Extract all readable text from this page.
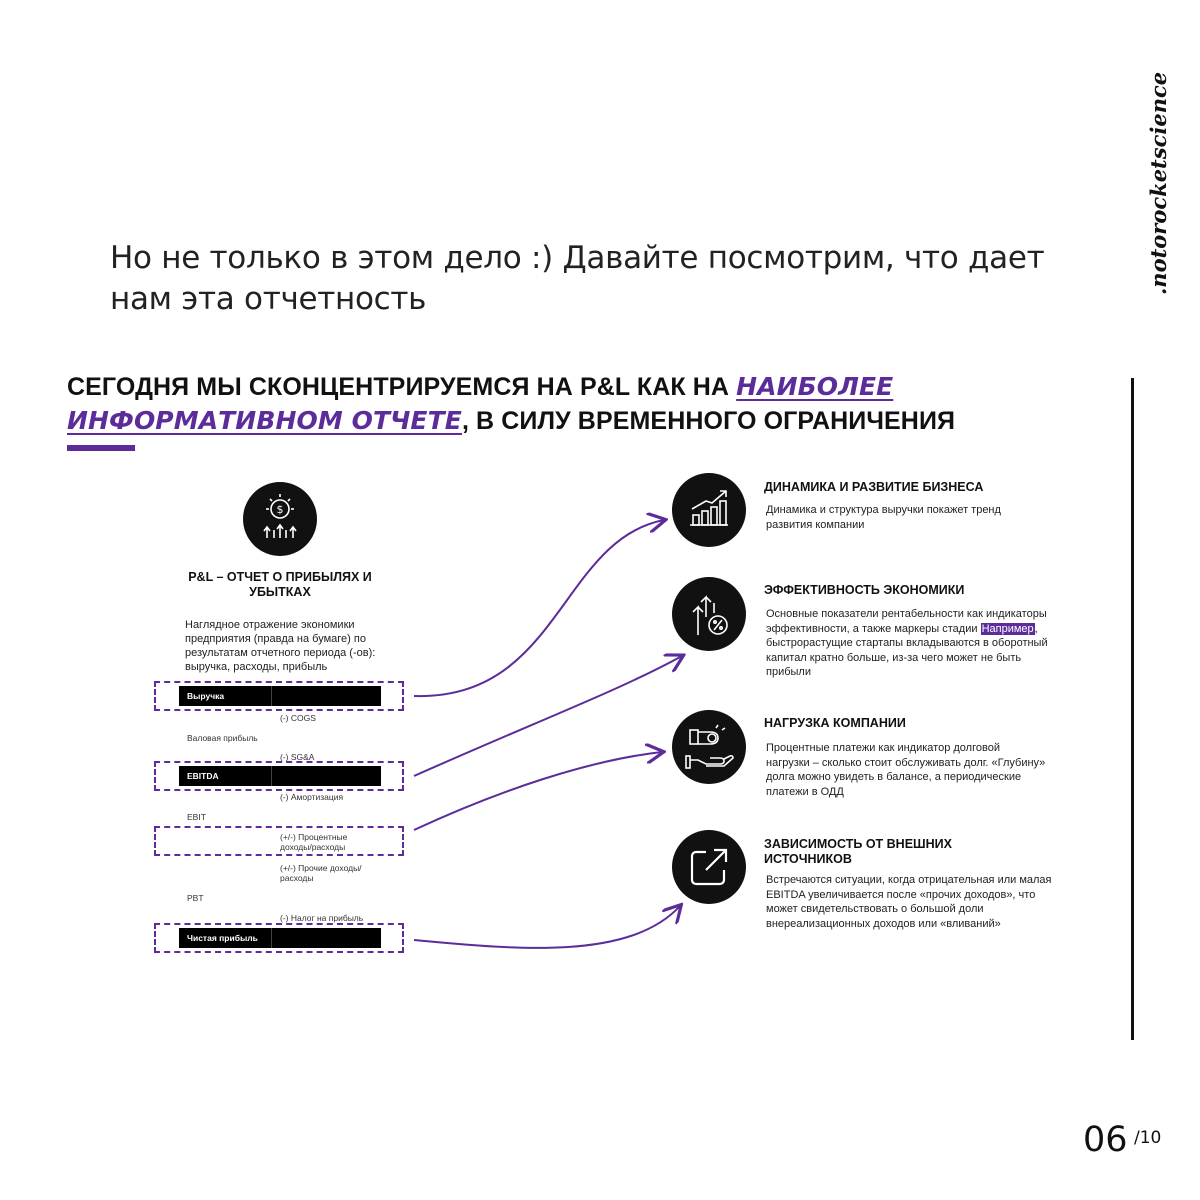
Но не только в этом дело :) Давайте посмотрим, что дает нам эта отчетность
.notorocketscience
СЕГОДНЯ МЫ СКОНЦЕНТРИРУЕМСЯ НА P&L КАК НА НАИБОЛЕЕ ИНФОРМАТИВНОМ ОТЧЕТЕ, В СИЛУ ВРЕМЕННОГО ОГРАНИЧЕНИЯ
$
P&L – ОТЧЕТ О ПРИБЫЛЯХ И УБЫТКАХ
Наглядное отражение экономики предприятия (правда на бумаге) по результатам отчетного периода (-ов): выручка, расходы, прибыль
Выручка
(-) COGS
Валовая прибыль
(-) SG&A
EBITDA
(-) Амортизация
EBIT
(+/-) Процентные доходы/расходы
(+/-) Прочие доходы/расходы
PBT
(-) Налог на прибыль
Чистая прибыль
ДИНАМИКА И РАЗВИТИЕ БИЗНЕСА
Динамика и структура выручки покажет тренд развития компании
ЭФФЕКТИВНОСТЬ ЭКОНОМИКИ
Основные показатели рентабельности как индикаторы эффективности, а также маркеры стадии Например, быстрорастущие стартапы вкладываются в оборотный капитал кратно больше, из-за чего может не быть прибыли
НАГРУЗКА КОМПАНИИ
Процентные платежи как индикатор долговой нагрузки – сколько стоит обслуживать долг. «Глубину» долга можно увидеть в балансе, а периодические платежи в ОДД
ЗАВИСИМОСТЬ ОТ ВНЕШНИХ ИСТОЧНИКОВ
Встречаются ситуации, когда отрицательная или малая EBITDA увеличивается после «прочих доходов», что может свидетельствовать о большой доли внереализационных доходов или «вливаний»
06 /10
